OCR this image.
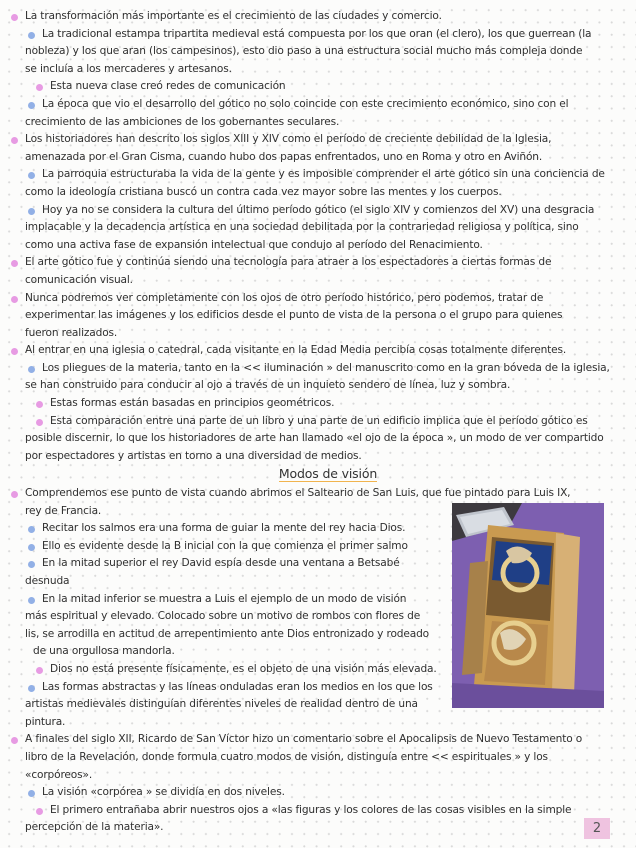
La transformación más importante es el crecimiento de las ciudades y comercio.
La tradicional estampa tripartita medieval está compuesta por los que oran (el clero), los que guerrean (la
nobleza) y los que aran (los campesinos), esto dio paso a una estructura social mucho más compleja donde
se incluía a los mercaderes y artesanos.
Esta nueva clase creó redes de comunicación
La época que vio el desarrollo del gótico no solo coincide con este crecimiento económico, sino con el
crecimiento de las ambiciones de los gobernantes seculares.
Los historiadores han descrito los siglos XIII y XIV como el período de creciente debilidad de la Iglesia,
amenazada por el Gran Cisma, cuando hubo dos papas enfrentados, uno en Roma y otro en Aviñón.
La parroquia estructuraba la vida de la gente y es imposible comprender el arte gótico sin una conciencia de
como la ideología cristiana buscó un contra cada vez mayor sobre las mentes y los cuerpos.
Hoy ya no se considera la cultura del último período gótico (el siglo XIV y comienzos del XV) una desgracia
implacable y la decadencia artística en una sociedad debilitada por la contrariedad religiosa y política, sino
como una activa fase de expansión intelectual que condujo al período del Renacimiento.
El arte gótico fue y continúa siendo una tecnología para atraer a los espectadores a ciertas formas de
comunicación visual.
Nunca podremos ver completamente con los ojos de otro período histórico, pero podemos, tratar de
experimentar las imágenes y los edificios desde el punto de vista de la persona o el grupo para quienes
fueron realizados.
Al entrar en una iglesia o catedral, cada visitante en la Edad Media percibía cosas totalmente diferentes.
Los pliegues de la materia, tanto en la << iluminación » del manuscrito como en la gran bóveda de la iglesia,
se han construido para conducir al ojo a través de un inquieto sendero de línea, luz y sombra.
Estas formas están basadas en principios geométricos.
Esta comparación entre una parte de un libro y una parte de un edificio implica que el período gótico es
posible discernir, lo que los historiadores de arte han llamado «el ojo de la época », un modo de ver compartido
por espectadores y artistas en torno a una diversidad de medios.
Modos de visión
Comprendemos ese punto de vista cuando abrimos el Salteario de San Luis, que fue pintado para Luis IX,
rey de Francia.
Recitar los salmos era una forma de guiar la mente del rey hacia Dios.
Ello es evidente desde la B inicial con la que comienza el primer salmo
En la mitad superior el rey David espía desde una ventana a Betsabé
desnuda
En la mitad inferior se muestra a Luis el ejemplo de un modo de visión
más espiritual y elevado. Colocado sobre un motivo de rombos con flores de
lis, se arrodilla en actitud de arrepentimiento ante Dios entronizado y rodeado
de una orgullosa mandorla.
Dios no está presente físicamente, es el objeto de una visión más elevada.
Las formas abstractas y las líneas onduladas eran los medios en los que los
artistas medievales distinguían diferentes niveles de realidad dentro de una
pintura.
A finales del siglo XII, Ricardo de San Víctor hizo un comentario sobre el Apocalipsis de Nuevo Testamento o
libro de la Revelación, donde formula cuatro modos de visión, distinguía entre << espirituales » y los
«corpóreos».
La visión «corpórea » se dividía en dos niveles.
El primero entrañaba abrir nuestros ojos a «las figuras y los colores de las cosas visibles en la simple
percepción de la materia».	2
